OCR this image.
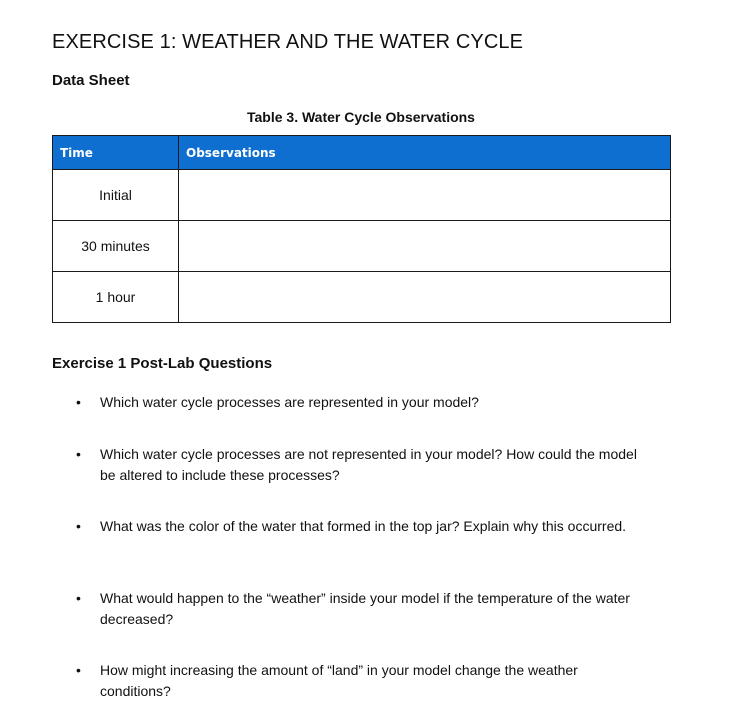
EXERCISE 1: WEATHER AND THE WATER CYCLE
Data Sheet
Table 3. Water Cycle Observations
Time	Observations
Initial	
30 minutes	
1 hour	
Exercise 1 Post-Lab Questions
• Which water cycle processes are represented in your model?
• Which water cycle processes are not represented in your model? How could the model be altered to include these processes?
• What was the color of the water that formed in the top jar? Explain why this occurred.
• What would happen to the “weather” inside your model if the temperature of the water decreased?
• How might increasing the amount of “land” in your model change the weather conditions?
